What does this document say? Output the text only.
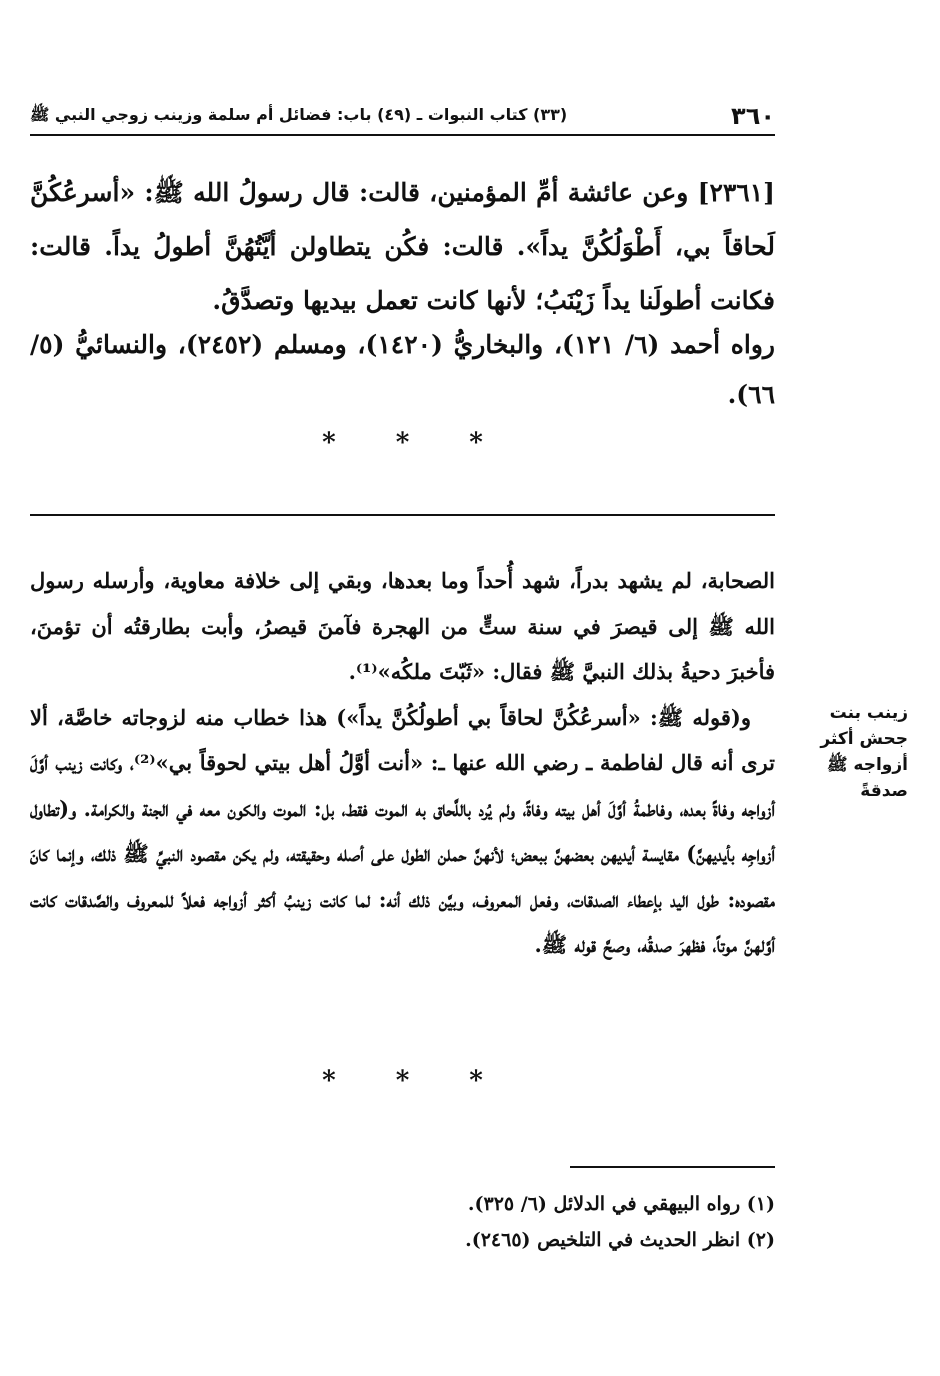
٣٦٠
(٣٣) كتاب النبوات ـ (٤٩) باب: فضائل أم سلمة وزينب زوجي النبي ﷺ
[٢٣٦١] وعن عائشة أمِّ المؤمنين، قالت: قال رسولُ الله ﷺ: «أسرعُكُنَّ لَحاقاً بي، أَطْوَلُكُنَّ يداً». قالت: فكُن يتطاولن أيَّتُهُنَّ أطولُ يداً. قالت: فكانت أطولَنا يداً زَيْنَبُ؛ لأنها كانت تعمل بيديها وتصدَّقُ.
رواه أحمد (٦/ ١٢١)، والبخاريُّ (١٤٢٠)، ومسلم (٢٤٥٢)، والنسائيُّ (٥/ ٦٦).
* * *

الصحابة، لم يشهد بدراً، شهد أُحداً وما بعدها، وبقي إلى خلافة معاوية، وأرسله رسول الله ﷺ إلى قيصرَ في سنة ستٍّ من الهجرة فآمنَ قيصرُ، وأبت بطارقتُه أن تؤمنَ، فأخبرَ دحيةُ بذلك النبيَّ ﷺ فقال: «ثَبّتَ ملكُه»⁽¹⁾.

و(قوله ﷺ: «أسرعُكُنَّ لحاقاً بي أطولُكُنَّ يداً») هذا خطاب منه لزوجاته خاصَّة، ألا ترى أنه قال لفاطمة ـ رضي الله عنها ـ: «أنت أوَّلُ أهل بيتي لحوقاً بي»⁽²⁾، وكانت زينب أوَّلَ أزواجه وفاةً بعده، وفاطمةُ أوَّلَ أهل بيته وفاةً، ولم يُرد باللَّحاق به الموت فقط، بل: الموت والكون معه في الجنة والكرامة. و(تطاول أزواجِه بأيديهنَّ) مقايسة أيديهن بعضهنَّ ببعض؛ لأنهنَّ حملن الطول على أصله وحقيقته، ولم يكن مقصود النبيِّ ﷺ ذلك، وإنما كانَ مقصوده: طول اليد بإعطاء الصدقات، وفعل المعروف، وبيَّن ذلك أنه: لما كانت زينبُ أكثر أزواجه فعلاً للمعروف والصَّدقات كانت أوَّلهنَّ موتاً، فظهرَ صدقُه، وصحَّ قوله ﷺ.

زينب بنت
جحش أكثر
أزواجه ﷺ
صدقةً
* * *
(١) رواه البيهقي في الدلائل (٦/ ٣٢٥).
(٢) انظر الحديث في التلخيص (٢٤٦٥).
